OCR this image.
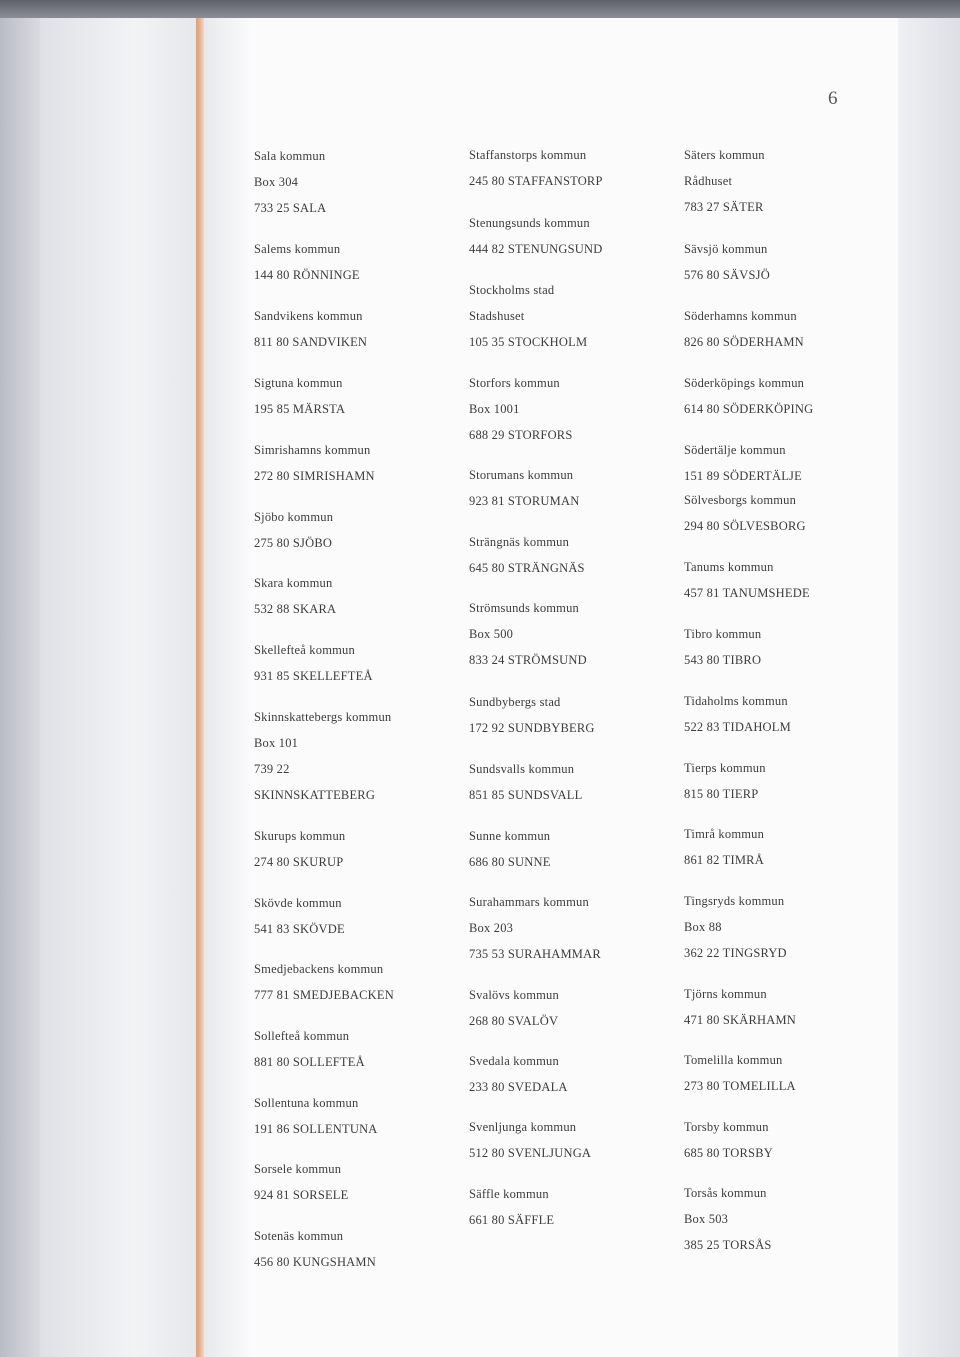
6
Sala kommun
Box 304
733 25 SALA
Salems kommun
144 80 RÖNNINGE
Sandvikens kommun
811 80 SANDVIKEN
Sigtuna kommun
195 85 MÄRSTA
Simrishamns kommun
272 80 SIMRISHAMN
Sjöbo kommun
275 80 SJÖBO
Skara kommun
532 88 SKARA
Skellefteå kommun
931 85 SKELLEFTEÅ
Skinnskattebergs kommun
Box 101
739 22
SKINNSKATTEBERG
Skurups kommun
274 80 SKURUP
Skövde kommun
541 83 SKÖVDE
Smedjebackens kommun
777 81 SMEDJEBACKEN
Sollefteå kommun
881 80 SOLLEFTEÅ
Sollentuna kommun
191 86 SOLLENTUNA
Sorsele kommun
924 81 SORSELE
Sotenäs kommun
456 80 KUNGSHAMN
Staffanstorps kommun
245 80 STAFFANSTORP
Stenungsunds kommun
444 82 STENUNGSUND
Stockholms stad
Stadshuset
105 35 STOCKHOLM
Storfors kommun
Box 1001
688 29 STORFORS
Storumans kommun
923 81 STORUMAN
Strängnäs kommun
645 80 STRÄNGNÄS
Strömsunds kommun
Box 500
833 24 STRÖMSUND
Sundbybergs stad
172 92 SUNDBYBERG
Sundsvalls kommun
851 85 SUNDSVALL
Sunne kommun
686 80 SUNNE
Surahammars kommun
Box 203
735 53 SURAHAMMAR
Svalövs kommun
268 80 SVALÖV
Svedala kommun
233 80 SVEDALA
Svenljunga kommun
512 80 SVENLJUNGA
Säffle kommun
661 80 SÄFFLE
Säters kommun
Rådhuset
783 27 SÄTER
Sävsjö kommun
576 80 SÄVSJÖ
Söderhamns kommun
826 80 SÖDERHAMN
Söderköpings kommun
614 80 SÖDERKÖPING
Södertälje kommun
151 89 SÖDERTÄLJE
Sölvesborgs kommun
294 80 SÖLVESBORG
Tanums kommun
457 81 TANUMSHEDE
Tibro kommun
543 80 TIBRO
Tidaholms kommun
522 83 TIDAHOLM
Tierps kommun
815 80 TIERP
Timrå kommun
861 82 TIMRÅ
Tingsryds kommun
Box 88
362 22 TINGSRYD
Tjörns kommun
471 80 SKÄRHAMN
Tomelilla kommun
273 80 TOMELILLA
Torsby kommun
685 80 TORSBY
Torsås kommun
Box 503
385 25 TORSÅS
